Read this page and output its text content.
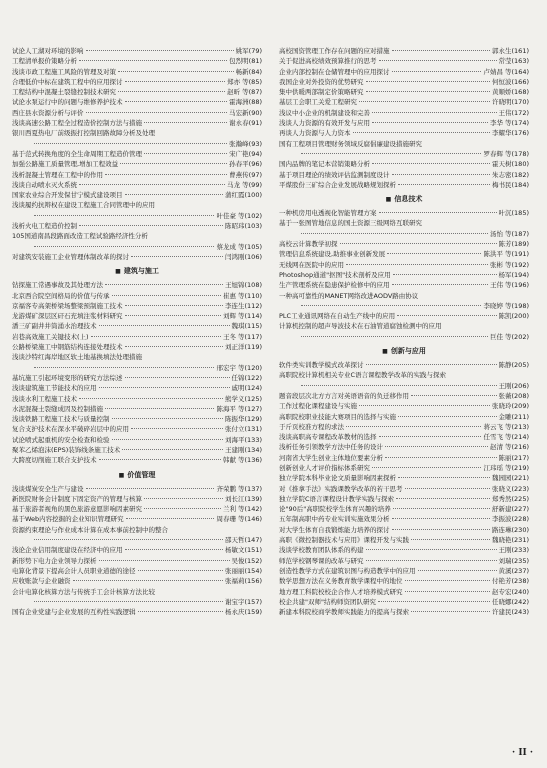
试论人工湖对环境的影响	姚军(79)
工程清单报价策略分析	包烈明(81)
浅谈市政工程施工风险的管理及对策	畅新(84)
合理低价中标在建筑工程中的应用探讨	郑亦 等(85)
工程结构中混凝土裂缝控制技术研究	赵昕 等(87)
试论水泵运行中的问题与维修养护技术	霍海洲(88)
西庄县水资源分析与评价	马宏新(90)
浅谈高速公路工程全过程造价控制方法与措施	谢永春(91)
银川西夏热电厂前级振打控制回路故障分析及处理
张瀚峰(93)
基于范式转换角度的全生命周期工程造价管理	宋广艳(94)
加强公路施工质量管理,增加工程效益	孙春平(96)
浅析混凝土管理在工程中的作用	曹燕传(97)
浅谈自动喷水灭火系统	马龙 等(99)
国家农业综合开发保甘宁模式建设项目	蒲红霞(100)
浅谈履约抗辩权在建设工程施工合同管理中的应用
叶佳豪 等(102)
浅析火电工程造价控制	陈昭玮(103)
105国道南昌段路面改造工程试验路经济性分析
蔡龙成 等(105)
对建筑安装施工企业管理体制改革的探讨	闫鸿刚(106)
■ 建筑与施工
钻探施工常遇事故及其处理方法	王旭锦(108)
北京西合院空间格局的价值与传承	崔惠 等(110)
京福客专高架桥梁场整梁预制施工技术	李连生(112)
龙游煤矿深层区矸石充填注浆材料研究	刘辉 等(114)
潘三矿副井井筒涌水治理技术	魏琪(115)
岩巷高效施工关键技术(上)	王冬 等(117)
公路桥梁施工中钢筋结构连接处理技术	刘正洋(119)
浅谈沙特红海岸地区软土地基换填法处理措施
邢宏宇 等(120)
基坑施工引起环境变形的研究方法综述	任锦(122)
浅谈建筑施工节能技术的应用	戚明(124)
浅谈水利工程施工技术	熊学义(125)
水泥混凝土裂缝成因及控制措施	陈海平 等(127)
浅谈铁路工程施工技术与质量控制	陈振华(129)
复合支护技术在深水平破碎岩层中的应用	张付立(131)
试论喷式起重机的安全检查和检验	刘海平(133)
聚苯乙烯泡沫(EPS)装饰线条施工技术	王建刚(134)
大跨度切削施工联合支护技术	韩献 等(136)
■ 价值管理
浅谈煤炭安全生产与建设	齐荣鹏 等(137)
新医院财务会计制度下固定资产的管理与核算	刘长江(139)
基于旅游者视角的黑色旅游意愿影响因素研究	兰利 等(142)
基于Web内容挖掘的企业知识管理研究	周春珊 等(146)
资源约束理论与作业成本计算在成本事前控制中的整合
邵天哲(147)
浅论企业信用制度建设在经济中的应用	杨敏文(151)
新形势下电力企业领导力探析	吴俊(152)
电算化背景下提高会计人员职业道德的途径	张丽丽(154)
应收账款与企业融资	张福莉(156)
会计电算化核算方法与传统手工会计核算方法比较
谢宝宇(157)
国有企业党建与企业发展的互构性实践逻辑	杨永庆(159)
高校国资管理工作存在问题的应对措施	郭永生(161)
关于促进高校绩效预算推行的思考	常莹(163)
企业内部控制在仓储管理中的应用探讨	卢婧昌 等(164)
我国企业对外投资的优势研究	何恒波(166)
集中供暖两部制定价策略研究	黄顺娇(168)
基层工会职工关爱工程研究	许晓明(170)
浅议中小企业的机制建设和完善	王伟(172)
浅谈人力资源的有效开发与应用	李华 等(174)
再谈人力资源与人力资本	李耀华(176)
国有工程项目管理财务领域反腐倡廉建设措施研究
罗春辉 等(178)
国内品牌的笔记本营销策略分析	霍天树(180)
基于项目理论的绩效评估监测制度设计	朱志密(182)
平煤股份三矿综合企业发展战略规划探析	梅书民(184)
■ 信息技术
一种机房用电透视化智能管理方案	叶沉(185)
基于一张图管地信息的国土资源三级网络互联研究
汤怡 等(187)
高校云计算教学初探	陈芳(189)
管理信息系统建设,助推事业创新发展	陈洪平 等(191)
无线网在医院中的应用	张彬 等(192)
Photoshop通道"抠图"技术剖析及应用	杨军(194)
生产管理系统在隐患保护检修中的应用	王伟 等(196)
一种高可靠性的MANET网络改进AODV路由协议
李晓婷 等(198)
PLC工业通讯网络在自动生产线中的应用	陈凯(200)
计算机控制的超声导波技术在石油管道腐蚀检测中的应用
巨佳 等(202)
■ 创新与应用
软件类实训教学模式改革探讨	陈静(205)
高职院校计算机相关专业C语言课程教学改革的实践与探索
王刚(206)
题音段层次北方方言对英语语音的负迁移作用	张薇(208)
工作过程化课程建设与实施	张晓玲(209)
高职院校职业技能大赛项目的选择与实施	金雕(211)
于斤页校准方程的求法	蒋云飞 等(213)
浅谈高职高专课程改革教材的选择	任雪飞 等(214)
浅析任务引领教学方法中任务的设计	赵清 等(216)
河南省大学生创业主体地位要素分析	陈丽(217)
创新创业人才评价指标体系研究	江玮瑶 等(219)
独立学院本科毕业论文质量影响因素探析	魏园园(221)
对《推拿手法》实践课教学改革的若干思考	张晓义(223)
独立学院C语言课程设计教学实践与探索	郑秀然(225)
论"90后"高职院校学生体育兴趣的培养	舒新建(227)
五年制高职中药专业实训实施效果分析	李振波(228)
对大学生体育自我锻炼能力培养的探讨	路连琳(230)
高职《微控制器技术与应用》课程开发与实践	魏晓艳(231)
浅谈学校教育团队体系的构建	王刚(233)
师范学校钢琴课的改革与研究	刘瑞(235)
创造性教学方式在建筑识图与构造教学中的应用	黄溪(237)
数学思想方法在义务教育数学课程中的地位	付艳芳(238)
地方理工科院校校企合作人才培养模式研究	赵专宏(240)
校企共建"双师"结构师资团队研究	任晓娜(242)
新建本科院校商学教师实践能力的提高与探索	许建民(243)
· II ·
